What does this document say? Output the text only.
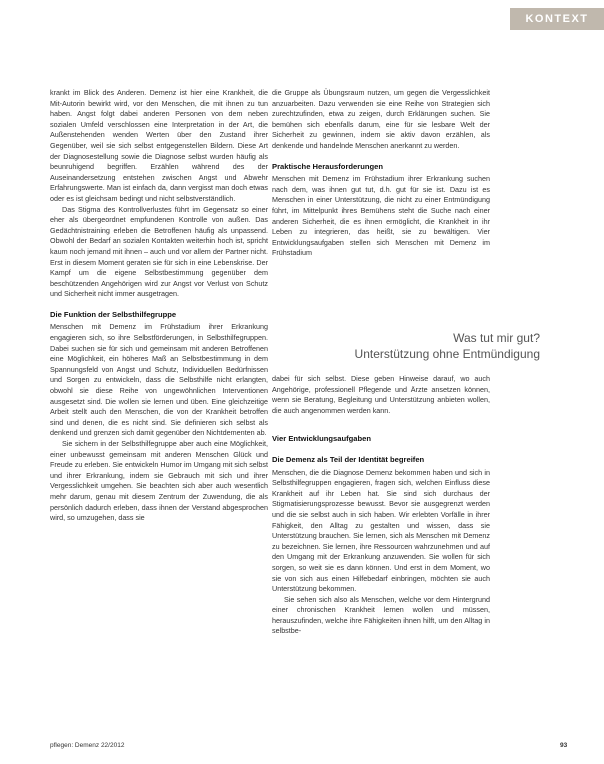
KONTEXT

krankt im Blick des Anderen. Demenz ist hier eine Krankheit, die Mit-Autorin bewirkt wird, vor den Menschen, die mit ihnen zu tun haben. Angst folgt dabei anderen Personen von dem neben sozialen Umfeld verschlossen eine Interpretation in der Art, die Außenstehenden wenden Werten über den Zustand ihrer Gegenüber, weil sie sich selbst entgegenstellen Bildern. Diese Art der Diagnosestellung sowie die Diagnose selbst wurden häufig als beunruhigend begriffen. Erzählen während des der Auseinandersetzung entstehen zwischen Angst und Abwehr Erfahrungswerte. Man ist einfach da, dann vergisst man doch etwas oder es ist gleichsam bedingt und nicht selbstverständlich.

Das Stigma des Kontrollverlustes führt im Gegensatz so einer eher als übergeordnet empfundenen Kontrolle von außen. Das Gedächtnistraining erleben die Betroffenen häufig als unpassend. Obwohl der Bedarf an sozialen Kontakten weiterhin hoch ist, spricht kaum noch jemand mit ihnen – auch und vor allem der Partner nicht. Erst in diesem Moment geraten sie für sich in eine Lebenskrise. Der Kampf um die eigene Selbstbestimmung gegenüber dem beschützenden Angehörigen wird zur Angst vor Verlust von Schutz und Sicherheit nicht immer ausgetragen.

Die Funktion der Selbsthilfegruppe

Menschen mit Demenz im Frühstadium ihrer Erkrankung engagieren sich, so ihre Selbstförderungen, in Selbsthilfegruppen. Dabei suchen sie für sich und gemeinsam mit anderen Betroffenen eine Möglichkeit, ein höheres Maß an Selbstbestimmung in dem Spannungsfeld von Angst und Schutz, Individuellen Bedürfnissen und Sorgen zu entwickeln, dass die Selbsthilfe nicht erlangten, obwohl sie diese Reihe von ungewöhnlichen Interventionen ausgesetzt sind. Die wollen sie lernen und üben. Eine gleichzeitige Arbeit stellt auch den Menschen, die von der Krankheit betroffen sind und denen, die es nicht sind. Sie definieren sich selbst als denkend und grenzen sich damit gegenüber den Nichtdementen ab.

Sie sichern in der Selbsthilfegruppe aber auch eine Möglichkeit, einer unbewusst gemeinsam mit anderen Menschen Glück und Freude zu erleben. Sie entwickeln Humor im Umgang mit sich selbst und ihrer Erkrankung, indem sie Gebrauch mit sich und ihrer Vergesslichkeit umgehen. Sie beachten sich aber auch wesentlich mehr darum, genau mit diesem Zentrum der Zuwendung, die als persönlich dadurch erleben, dass ihnen der Verstand abgesprochen wird, so umzugehen, dass sie

die Gruppe als Übungsraum nutzen, um gegen die Vergesslichkeit anzuarbeiten. Dazu verwenden sie eine Reihe von Strategien sich zurechtzufinden, etwa zu zeigen, durch Erklärungen suchen. Sie bemühen sich ebenfalls darum, eine für sie lesbare Welt der Sicherheit zu gewinnen, indem sie aktiv davon erzählen, als denkende und handelnde Menschen anerkannt zu werden.

Praktische Herausforderungen

Menschen mit Demenz im Frühstadium ihrer Erkrankung suchen nach dem, was ihnen gut tut, d.h. gut für sie ist. Dazu ist es Menschen in einer Unterstützung, die nicht zu einer Entmündigung führt, im Mittelpunkt ihres Bemühens steht die Suche nach einer anderen Sicherheit, die es ihnen ermöglicht, die Krankheit in ihr Leben zu integrieren, das heißt, sie zu bewältigen. Vier Entwicklungsaufgaben stellen sich Menschen mit Demenz im Frühstadium

Was tut mir gut?
Unterstützung ohne Entmündigung

dabei für sich selbst. Diese geben Hinweise darauf, wo auch Angehörige, professionell Pflegende und Ärzte ansetzen können, wenn sie Beratung, Begleitung und Unterstützung anbieten wollen, die auch angenommen werden kann.

Vier Entwicklungsaufgaben
Die Demenz als Teil der Identität begreifen

Menschen, die die Diagnose Demenz bekommen haben und sich in Selbsthilfegruppen engagieren, fragen sich, welchen Einfluss diese Krankheit auf ihr Leben hat. Sie sind sich durchaus der Stigmatisierungsprozesse bewusst. Bevor sie ausgegrenzt werden und die sie selbst auch in sich haben. Wir erlebten Vorfälle in ihrer Fähigkeit, den Alltag zu gestalten und wissen, dass sie Unterstützung brauchen. Sie lernen, sich als Menschen mit Demenz zu bezeichnen. Sie lernen, ihre Ressourcen wahrzunehmen und auf den Umgang mit der Erkrankung anzuwenden. Sie wollen für sich sorgen, so weit sie es dann können. Und erst in dem Moment, wo sie von sich aus einen Hilfebedarf einbringen, möchten sie auch Unterstützung bekommen.

Sie sehen sich also als Menschen, welche vor dem Hintergrund einer chronischen Krankheit lernen wollen und müssen, herauszufinden, welche ihre Fähigkeiten ihnen hilft, um den Alltag in selbstbe-

pflegen: Demenz 22/2012	93
